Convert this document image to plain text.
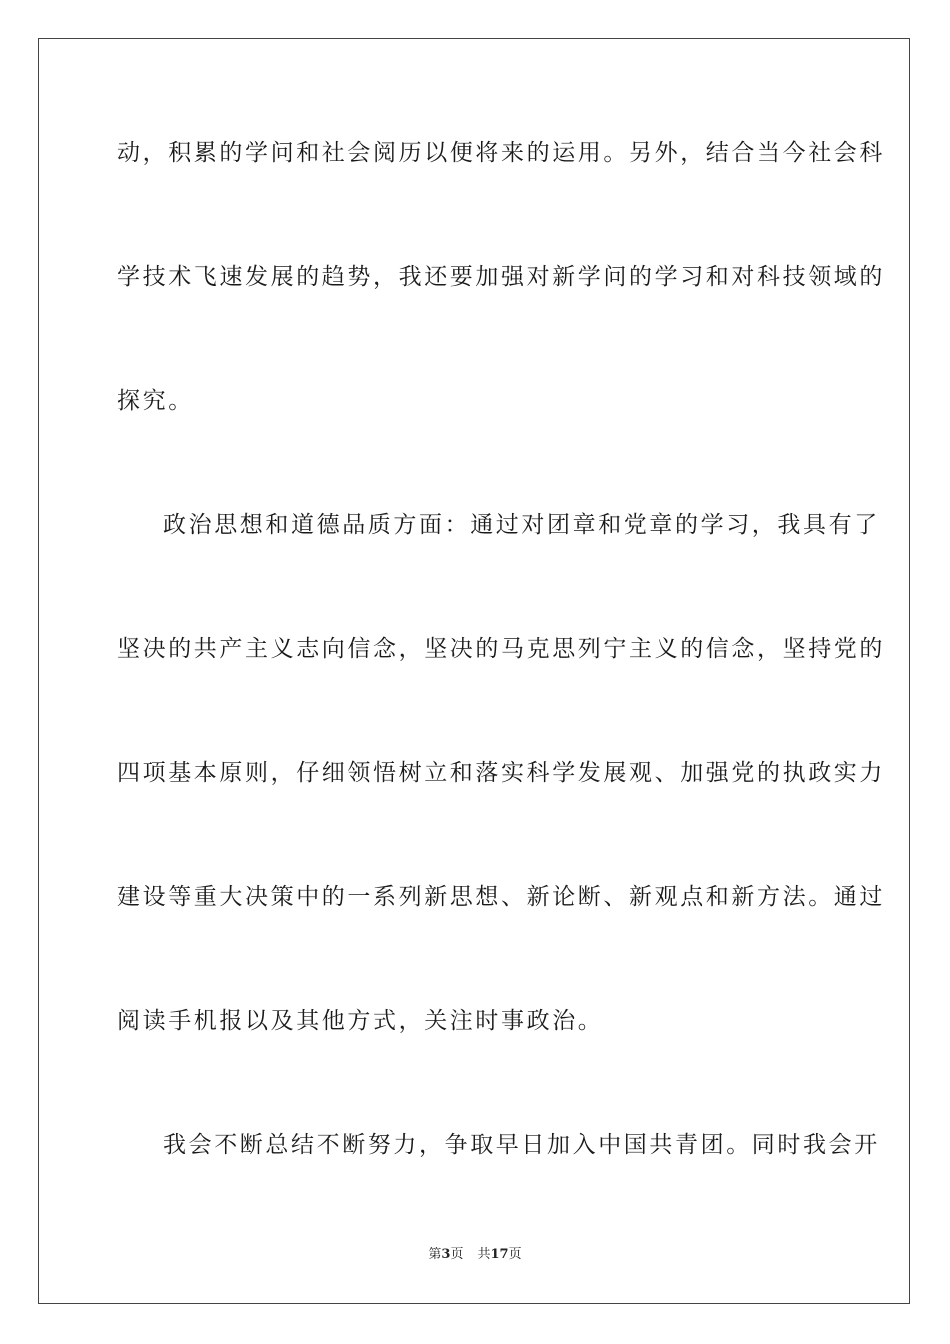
动，积累的学问和社会阅历以便将来的运用。另外，结合当今社会科
学技术飞速发展的趋势，我还要加强对新学问的学习和对科技领域的
探究。
政治思想和道德品质方面：通过对团章和党章的学习，我具有了
坚决的共产主义志向信念，坚决的马克思列宁主义的信念，坚持党的
四项基本原则，仔细领悟树立和落实科学发展观、加强党的执政实力
建设等重大决策中的一系列新思想、新论断、新观点和新方法。通过
阅读手机报以及其他方式，关注时事政治。
我会不断总结不断努力，争取早日加入中国共青团。同时我会开
第3页 共17页
